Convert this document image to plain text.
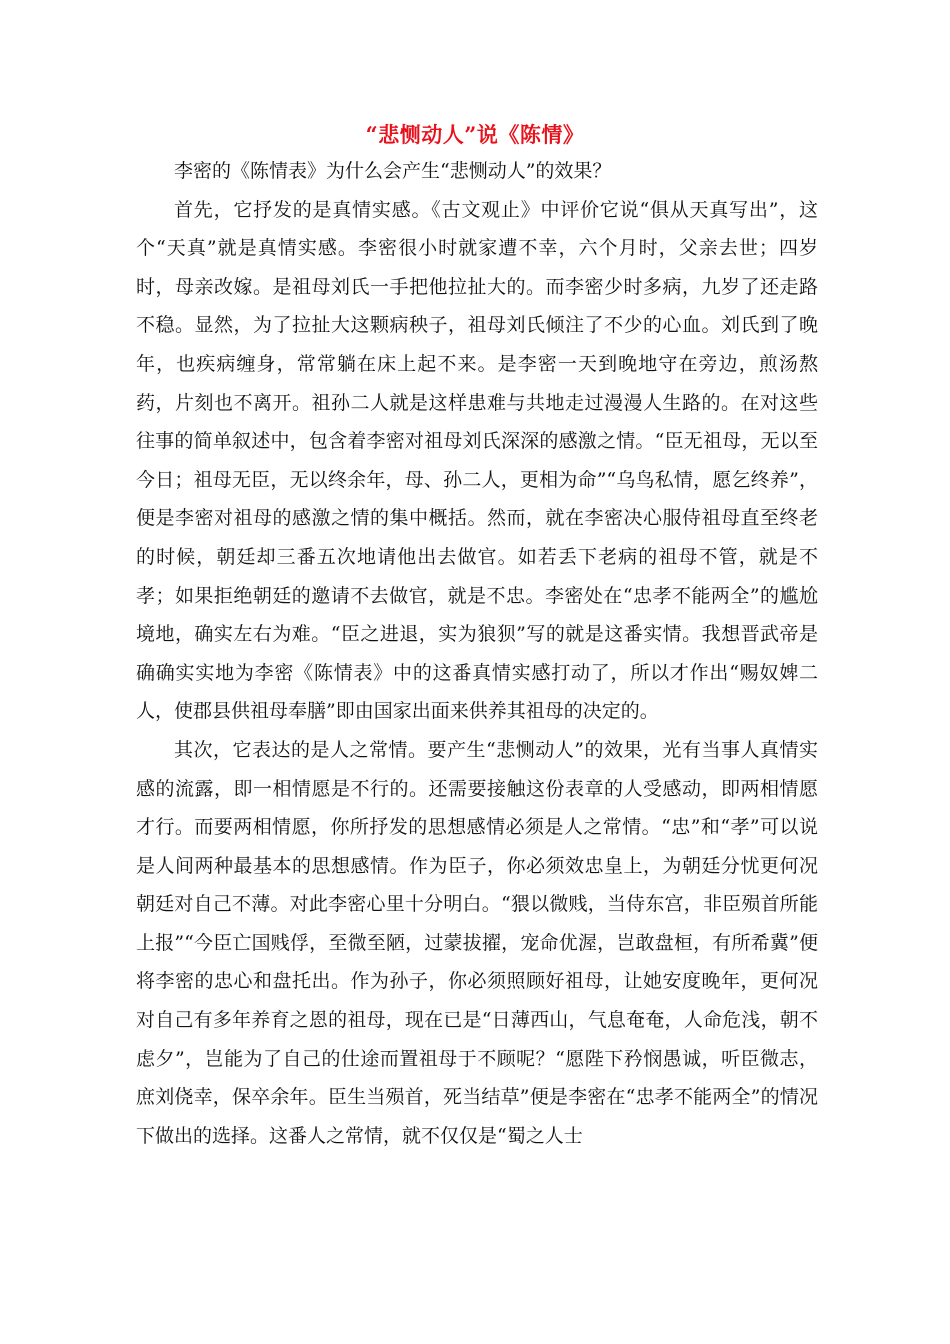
“悲恻动人”说《陈情》

李密的《陈情表》为什么会产生“悲恻动人”的效果？

首先，它抒发的是真情实感。《古文观止》中评价它说“俱从天真写出”，这个“天真”就是真情实感。李密很小时就家遭不幸，六个月时，父亲去世；四岁时，母亲改嫁。是祖母刘氏一手把他拉扯大的。而李密少时多病，九岁了还走路不稳。显然，为了拉扯大这颗病秧子，祖母刘氏倾注了不少的心血。刘氏到了晚年，也疾病缠身，常常躺在床上起不来。是李密一天到晚地守在旁边，煎汤熬药，片刻也不离开。祖孙二人就是这样患难与共地走过漫漫人生路的。在对这些往事的简单叙述中，包含着李密对祖母刘氏深深的感激之情。“臣无祖母，无以至今日；祖母无臣，无以终余年，母、孙二人，更相为命”“乌鸟私情，愿乞终养”，便是李密对祖母的感激之情的集中概括。然而，就在李密决心服侍祖母直至终老的时候，朝廷却三番五次地请他出去做官。如若丢下老病的祖母不管，就是不孝；如果拒绝朝廷的邀请不去做官，就是不忠。李密处在“忠孝不能两全”的尴尬境地，确实左右为难。“臣之进退，实为狼狈”写的就是这番实情。我想晋武帝是确确实实地为李密《陈情表》中的这番真情实感打动了，所以才作出“赐奴婢二人，使郡县供祖母奉膳”即由国家出面来供养其祖母的决定的。

其次，它表达的是人之常情。要产生“悲恻动人”的效果，光有当事人真情实感的流露，即一相情愿是不行的。还需要接触这份表章的人受感动，即两相情愿才行。而要两相情愿，你所抒发的思想感情必须是人之常情。“忠”和“孝”可以说是人间两种最基本的思想感情。作为臣子，你必须效忠皇上，为朝廷分忧更何况朝廷对自己不薄。对此李密心里十分明白。“猥以微贱，当侍东宫，非臣殒首所能上报”“今臣亡国贱俘，至微至陋，过蒙拔擢，宠命优渥，岂敢盘桓，有所希冀”便将李密的忠心和盘托出。作为孙子，你必须照顾好祖母，让她安度晚年，更何况对自己有多年养育之恩的祖母，现在已是“日薄西山，气息奄奄，人命危浅，朝不虑夕”，岂能为了自己的仕途而置祖母于不顾呢？“愿陛下矜悯愚诚，听臣微志，庶刘侥幸，保卒余年。臣生当殒首，死当结草”便是李密在“忠孝不能两全”的情况下做出的选择。这番人之常情，就不仅仅是“蜀之人士
